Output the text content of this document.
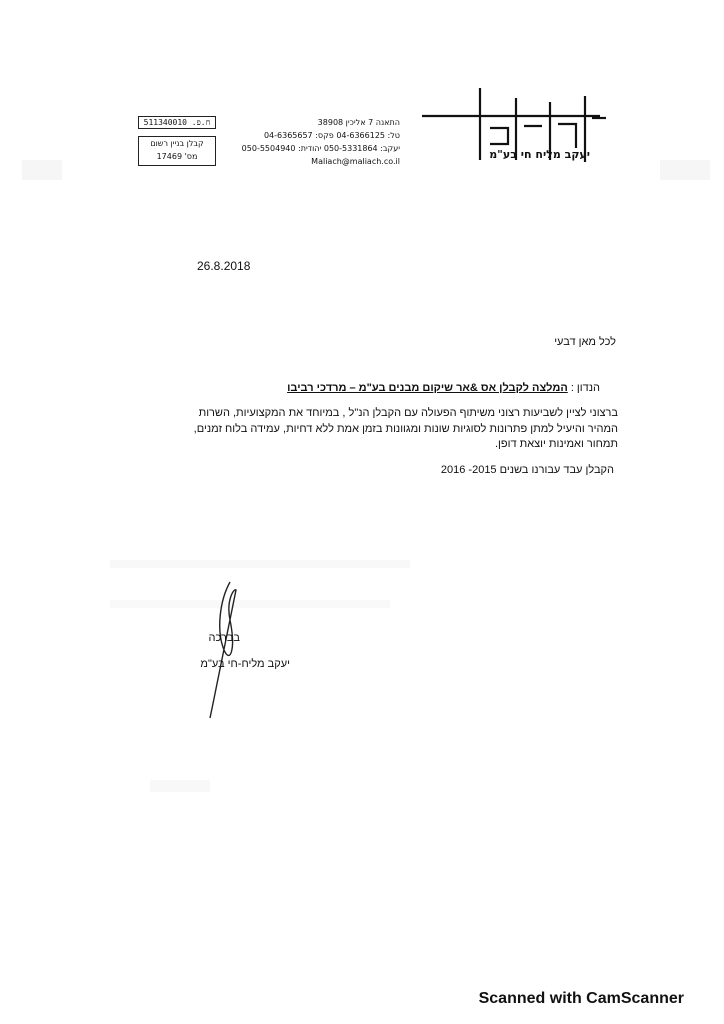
יעקב מליח חי בע"מ
התאנה 7 אליכין 38908
טל: 04-6366125 פקס: 04-6365657
יעקב: 050-5331864 יהודית: 050-5504940
Maliach@maliach.co.il
ח.פ. 511340010
קבלן בניין רשום
מס' 17469
26.8.2018
לכל מאן דבעי
הנדון : המלצה לקבלן אס &אר שיקום מבנים בע"מ – מרדכי רביבו
ברצוני לציין לשביעות רצוני משיתוף הפעולה עם הקבלן הנ"ל , במיוחד את המקצועיות, השרות
המהיר והיעיל למתן פתרונות לסוגיות שונות ומגוונות בזמן אמת ללא דחיות, עמידה בלוח זמנים,
תמחור ואמינות יוצאת דופן.
הקבלן עבד עבורנו בשנים 2015- 2016
בברכה
יעקב מליח-חי בע"מ
Scanned with CamScanner
